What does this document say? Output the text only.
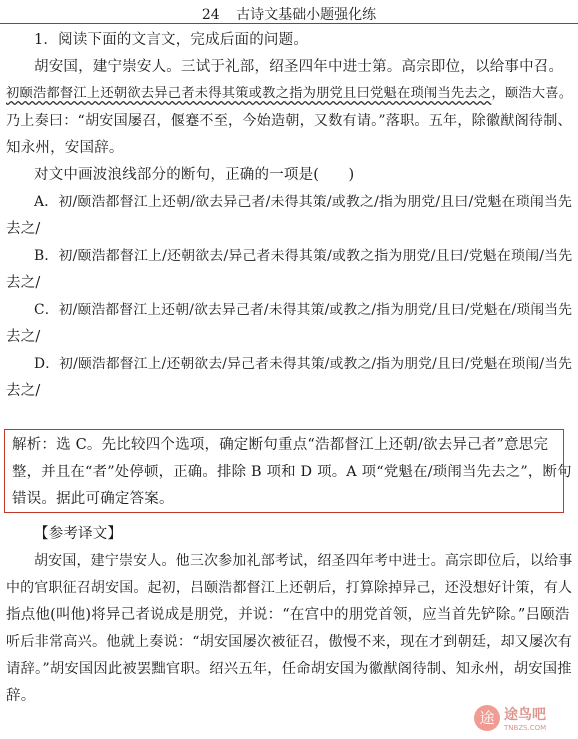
24 古诗文基础小题强化练
1．阅读下面的文言文，完成后面的问题。
胡安国，建宁崇安人。三试于礼部，绍圣四年中进士第。高宗即位，以给事中召。
初颐浩都督江上还朝欲去异己者未得其策或教之指为朋党且曰党魁在琐闱当先去之，颐浩大喜。
乃上奏曰：“胡安国屡召，偃蹇不至，今始造朝，又数有请。”落职。五年，除徽猷阁待制、
知永州，安国辞。
对文中画波浪线部分的断句，正确的一项是(　　)
A．初/颐浩都督江上还朝/欲去异己者/未得其策/或教之/指为朋党/且曰/党魁在琐闱当先
去之/
B．初/颐浩都督江上/还朝欲去/异己者未得其策/或教之指为朋党/且曰/党魁在琐闱/当先
去之/
C．初/颐浩都督江上还朝/欲去异己者/未得其策/或教之/指为朋党/且曰/党魁在/琐闱当先
去之/
D．初/颐浩都督江上/还朝欲去/异己者未得其策/或教之/指为朋党/且曰/党魁在琐闱/当先
去之/
解析：选 C。先比较四个选项，确定断句重点“浩都督江上还朝/欲去异己者”意思完
整，并且在“者”处停顿，正确。排除 B 项和 D 项。A 项“党魁在/琐闱当先去之”，断句
错误。据此可确定答案。
【参考译文】
胡安国，建宁崇安人。他三次参加礼部考试，绍圣四年考中进士。高宗即位后，以给事
中的官职征召胡安国。起初，吕颐浩都督江上还朝后，打算除掉异己，还没想好计策，有人
指点他(叫他)将异己者说成是朋党，并说：“在宫中的朋党首领，应当首先铲除。”吕颐浩
听后非常高兴。他就上奏说：“胡安国屡次被征召，傲慢不来，现在才到朝廷，却又屡次有
请辞。”胡安国因此被罢黜官职。绍兴五年，任命胡安国为徽猷阁待制、知永州，胡安国推
辞。
途 途鸟吧
TNBZS.COM
